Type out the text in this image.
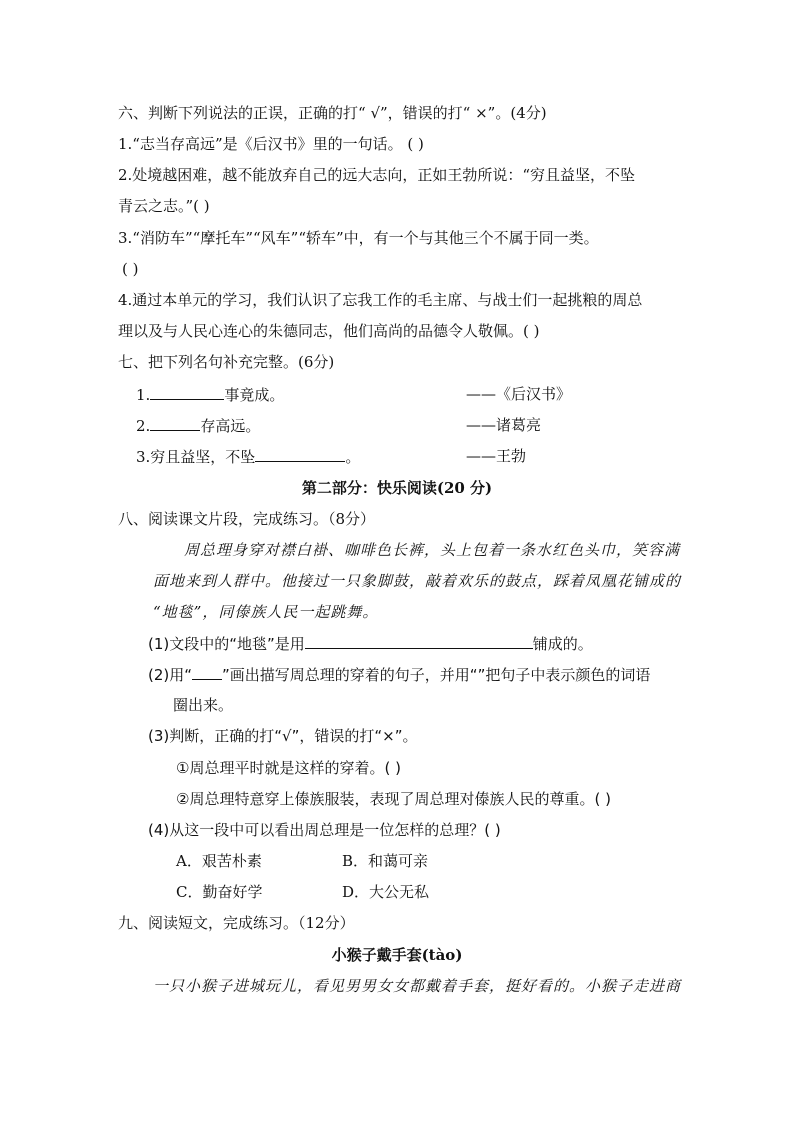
六、判断下列说法的正误，正确的打“ √”，错误的打“ ×”。(4分)
1.“志当存高远”是《后汉书》里的一句话。 ( )
2.处境越困难，越不能放弃自己的远大志向，正如王勃所说：“穷且益坚，不坠
青云之志。”( )
3.“消防车”“摩托车”“风车”“轿车”中，有一个与其他三个不属于同一类。
( )
4.通过本单元的学习，我们认识了忘我工作的毛主席、与战士们一起挑粮的周总
理以及与人民心连心的朱德同志，他们高尚的品德令人敬佩。( )
七、把下列名句补充完整。(6分)
1.	事竟成。	——《后汉书》
2.	存高远。	——诸葛亮
3.穷且益坚，不坠	。	——王勃
第二部分：快乐阅读(20 分)
八、阅读课文片段，完成练习。（8分）
周总理身穿对襟白褂、咖啡色长裤，头上包着一条水红色头巾，笑容满
面地来到人群中。他接过一只象脚鼓，敲着欢乐的鼓点，踩着凤凰花铺成的
“地毯”，同傣族人民一起跳舞。
(1)文段中的“地毯”是用	铺成的。
(2)用“ ”画出描写周总理的穿着的句子，并用“”把句子中表示颜色的词语
圈出来。
(3)判断，正确的打“√”，错误的打“×”。
①周总理平时就是这样的穿着。( )
②周总理特意穿上傣族服装，表现了周总理对傣族人民的尊重。( )
(4)从这一段中可以看出周总理是一位怎样的总理？( )
A．艰苦朴素	B．和蔼可亲
C．勤奋好学	D．大公无私
九、阅读短文，完成练习。（12分）
小猴子戴手套(tào)
一只小猴子进城玩儿，看见男男女女都戴着手套，挺好看的。小猴子走进商
